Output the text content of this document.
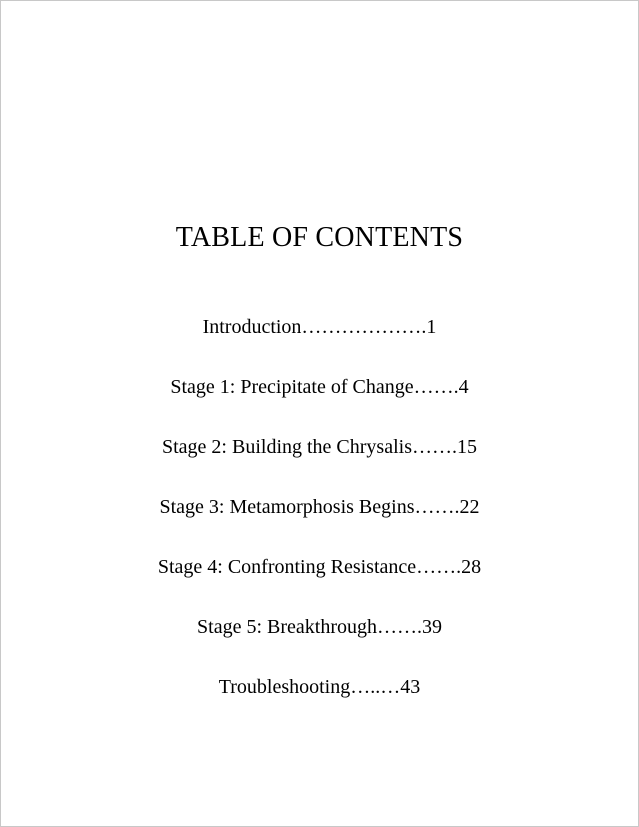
TABLE OF CONTENTS
Introduction……………….1
Stage 1: Precipitate of Change…….4
Stage 2: Building the Chrysalis…….15
Stage 3: Metamorphosis Begins…….22
Stage 4: Confronting Resistance…….28
Stage 5: Breakthrough…….39
Troubleshooting…..…43
